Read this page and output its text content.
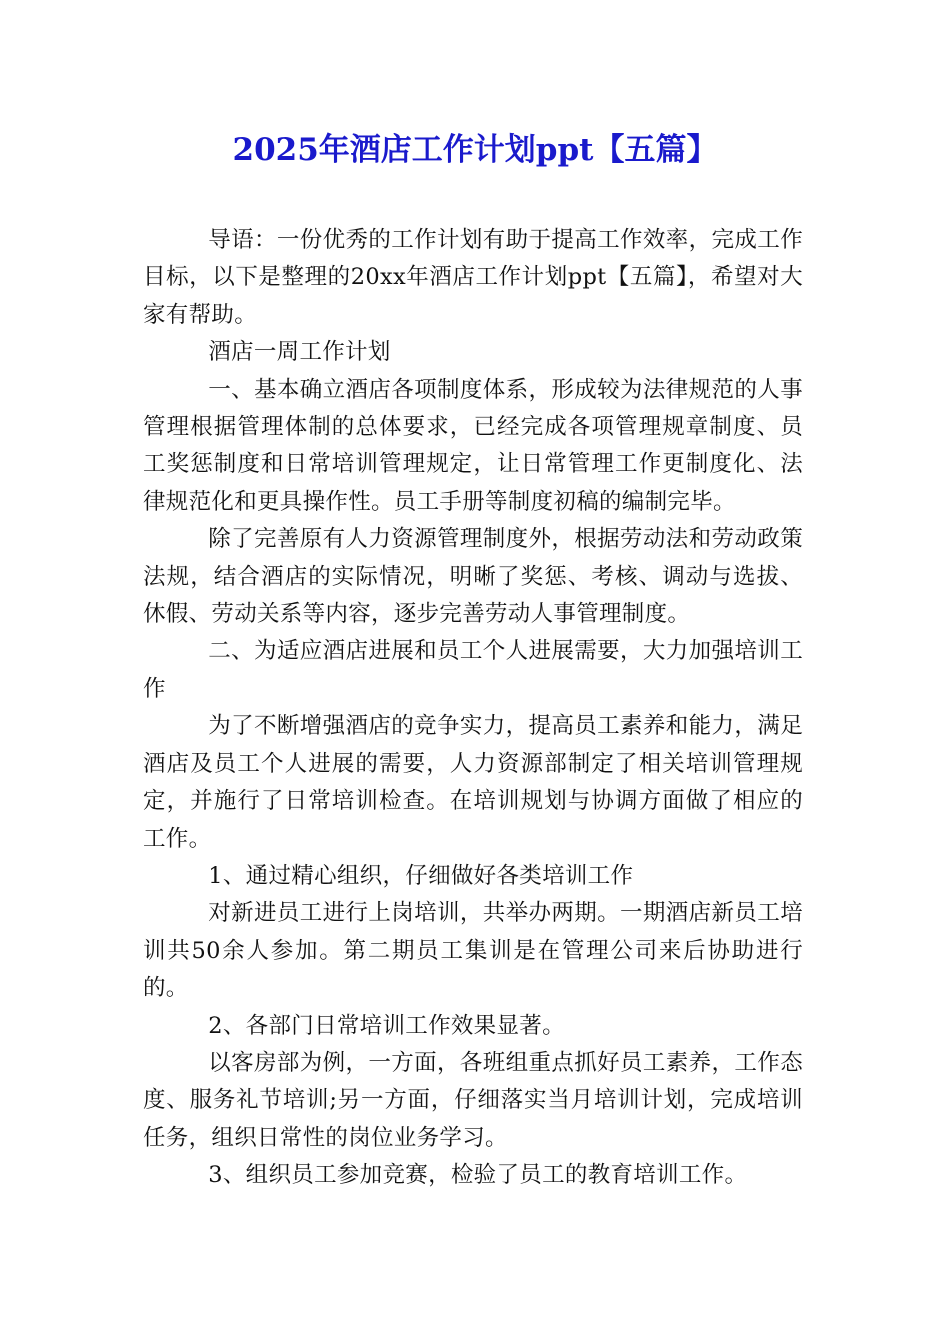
2025年酒店工作计划ppt【五篇】

导语：一份优秀的工作计划有助于提高工作效率，完成工作目标，以下是整理的20xx年酒店工作计划ppt【五篇】，希望对大家有帮助。

酒店一周工作计划

一、基本确立酒店各项制度体系，形成较为法律规范的人事管理根据管理体制的总体要求，已经完成各项管理规章制度、员工奖惩制度和日常培训管理规定，让日常管理工作更制度化、法律规范化和更具操作性。员工手册等制度初稿的编制完毕。

除了完善原有人力资源管理制度外，根据劳动法和劳动政策法规，结合酒店的实际情况，明晰了奖惩、考核、调动与选拔、休假、劳动关系等内容，逐步完善劳动人事管理制度。

二、为适应酒店进展和员工个人进展需要，大力加强培训工作

为了不断增强酒店的竞争实力，提高员工素养和能力，满足酒店及员工个人进展的需要，人力资源部制定了相关培训管理规定，并施行了日常培训检查。在培训规划与协调方面做了相应的工作。

1、通过精心组织，仔细做好各类培训工作

对新进员工进行上岗培训，共举办两期。一期酒店新员工培训共50余人参加。第二期员工集训是在管理公司来后协助进行的。

2、各部门日常培训工作效果显著。

以客房部为例，一方面，各班组重点抓好员工素养，工作态度、服务礼节培训;另一方面，仔细落实当月培训计划，完成培训任务，组织日常性的岗位业务学习。

3、组织员工参加竞赛，检验了员工的教育培训工作。
